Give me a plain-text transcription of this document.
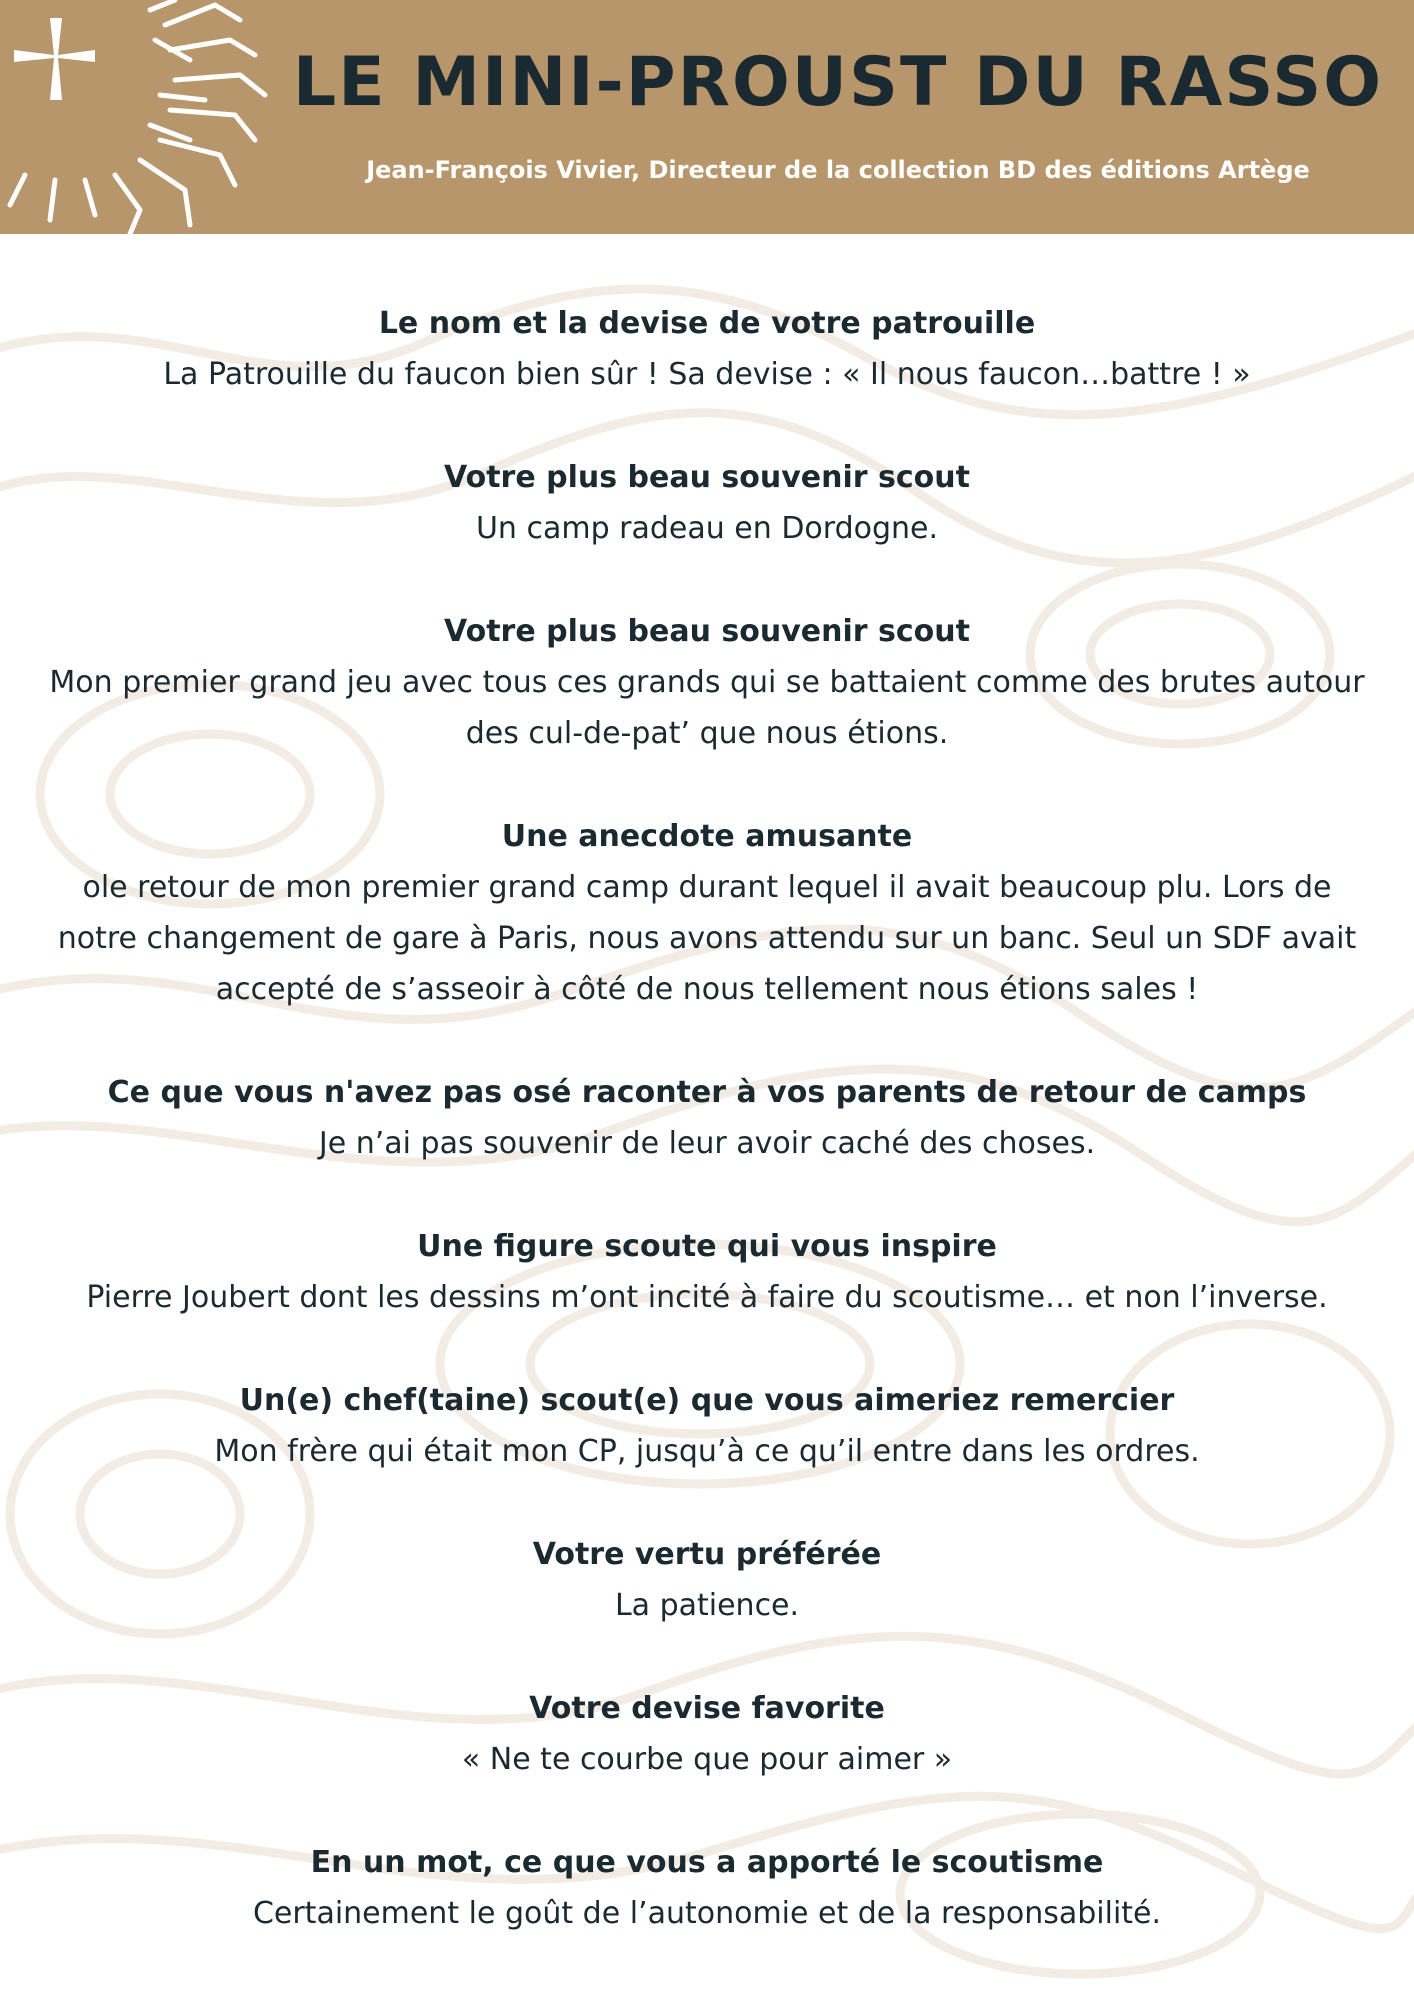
LE MINI-PROUST DU RASSO
Jean-François Vivier, Directeur de la collection BD des éditions Artège
Le nom et la devise de votre patrouille
La Patrouille du faucon bien sûr ! Sa devise : « Il nous faucon…battre ! »
Votre plus beau souvenir scout
Un camp radeau en Dordogne.
Votre plus beau souvenir scout
Mon premier grand jeu avec tous ces grands qui se battaient comme des brutes autour des cul-de-pat’ que nous étions.
Une anecdote amusante
ole retour de mon premier grand camp durant lequel il avait beaucoup plu. Lors de notre changement de gare à Paris, nous avons attendu sur un banc. Seul un SDF avait accepté de s’asseoir à côté de nous tellement nous étions sales !
Ce que vous n'avez pas osé raconter à vos parents de retour de camps
Je n’ai pas souvenir de leur avoir caché des choses.
Une figure scoute qui vous inspire
Pierre Joubert dont les dessins m’ont incité à faire du scoutisme… et non l’inverse.
Un(e) chef(taine) scout(e) que vous aimeriez remercier
Mon frère qui était mon CP, jusqu’à ce qu’il entre dans les ordres.
Votre vertu préférée
La patience.
Votre devise favorite
« Ne te courbe que pour aimer »
En un mot, ce que vous a apporté le scoutisme
Certainement le goût de l’autonomie et de la responsabilité.
